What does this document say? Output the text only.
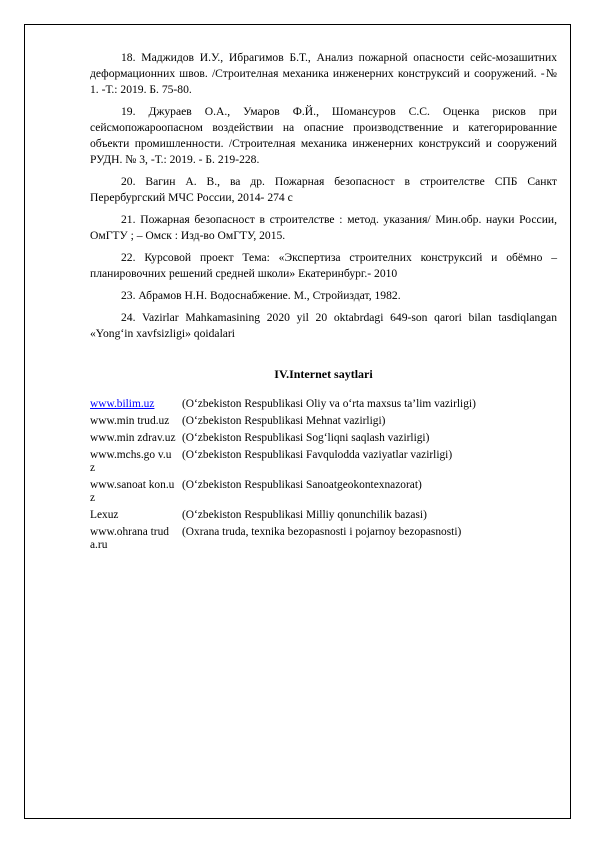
18. Маджидов И.У., Ибрагимов Б.Т., Анализ пожарной опасности сейс-мозашитних деформационних швов. /Строителная механика инженерних конструксий и сооружений. -№ 1. -Т.: 2019. Б. 75-80.

19. Джураев О.А., Умаров Ф.Й., Шомансуров С.С. Оценка рисков при сейсмопожароопасном воздействии на опасние производственние и категорированние объекти промишленности. /Строителная механика инженерних конструксий и сооружений РУДН. № 3, -Т.: 2019. - Б. 219-228.

20. Вагин А. В., ва др. Пожарная безопасност в строителстве СПБ Санкт Перербургский МЧС России, 2014- 274 с

21. Пожарная безопасност в строителстве : метод. указания/ Мин.обр. науки России, ОмГТУ ; – Омск : Изд-во ОмГТУ, 2015.

22. Курсовой проект Тема: «Экспертиза строителних конструксий и обёмно – планировочних решений средней школи» Екатеринбург.- 2010

23. Абрамов Н.Н. Водоснабжение. М., Стройиздат, 1982.

24. Vazirlar Mahkamasining 2020 yil 20 oktabrdagi 649-son qarori bilan tasdiqlangan «Yong‘in xavfsizligi» qoidalari

IV.Internet saytlari
www.bilim.uz	(O‘zbekiston Respublikasi Oliy va o‘rta maxsus ta’lim vazirligi)
www.min trud.uz	(O‘zbekiston Respublikasi Mehnat vazirligi)
www.min zdrav.uz	(O‘zbekiston Respublikasi Sog‘liqni saqlash vazirligi)
www.mchs.go v.uz	(O‘zbekiston Respublikasi Favqulodda vaziyatlar vazirligi)
www.sanoat kon.uz	(O‘zbekiston Respublikasi Sanoatgeokontexnazorat)
Lexuz	(O‘zbekiston Respublikasi Milliy qonunchilik bazasi)
www.ohrana truda.ru	(Oxrana truda, texnika bezopasnosti i pojarnoy bezopasnosti)
